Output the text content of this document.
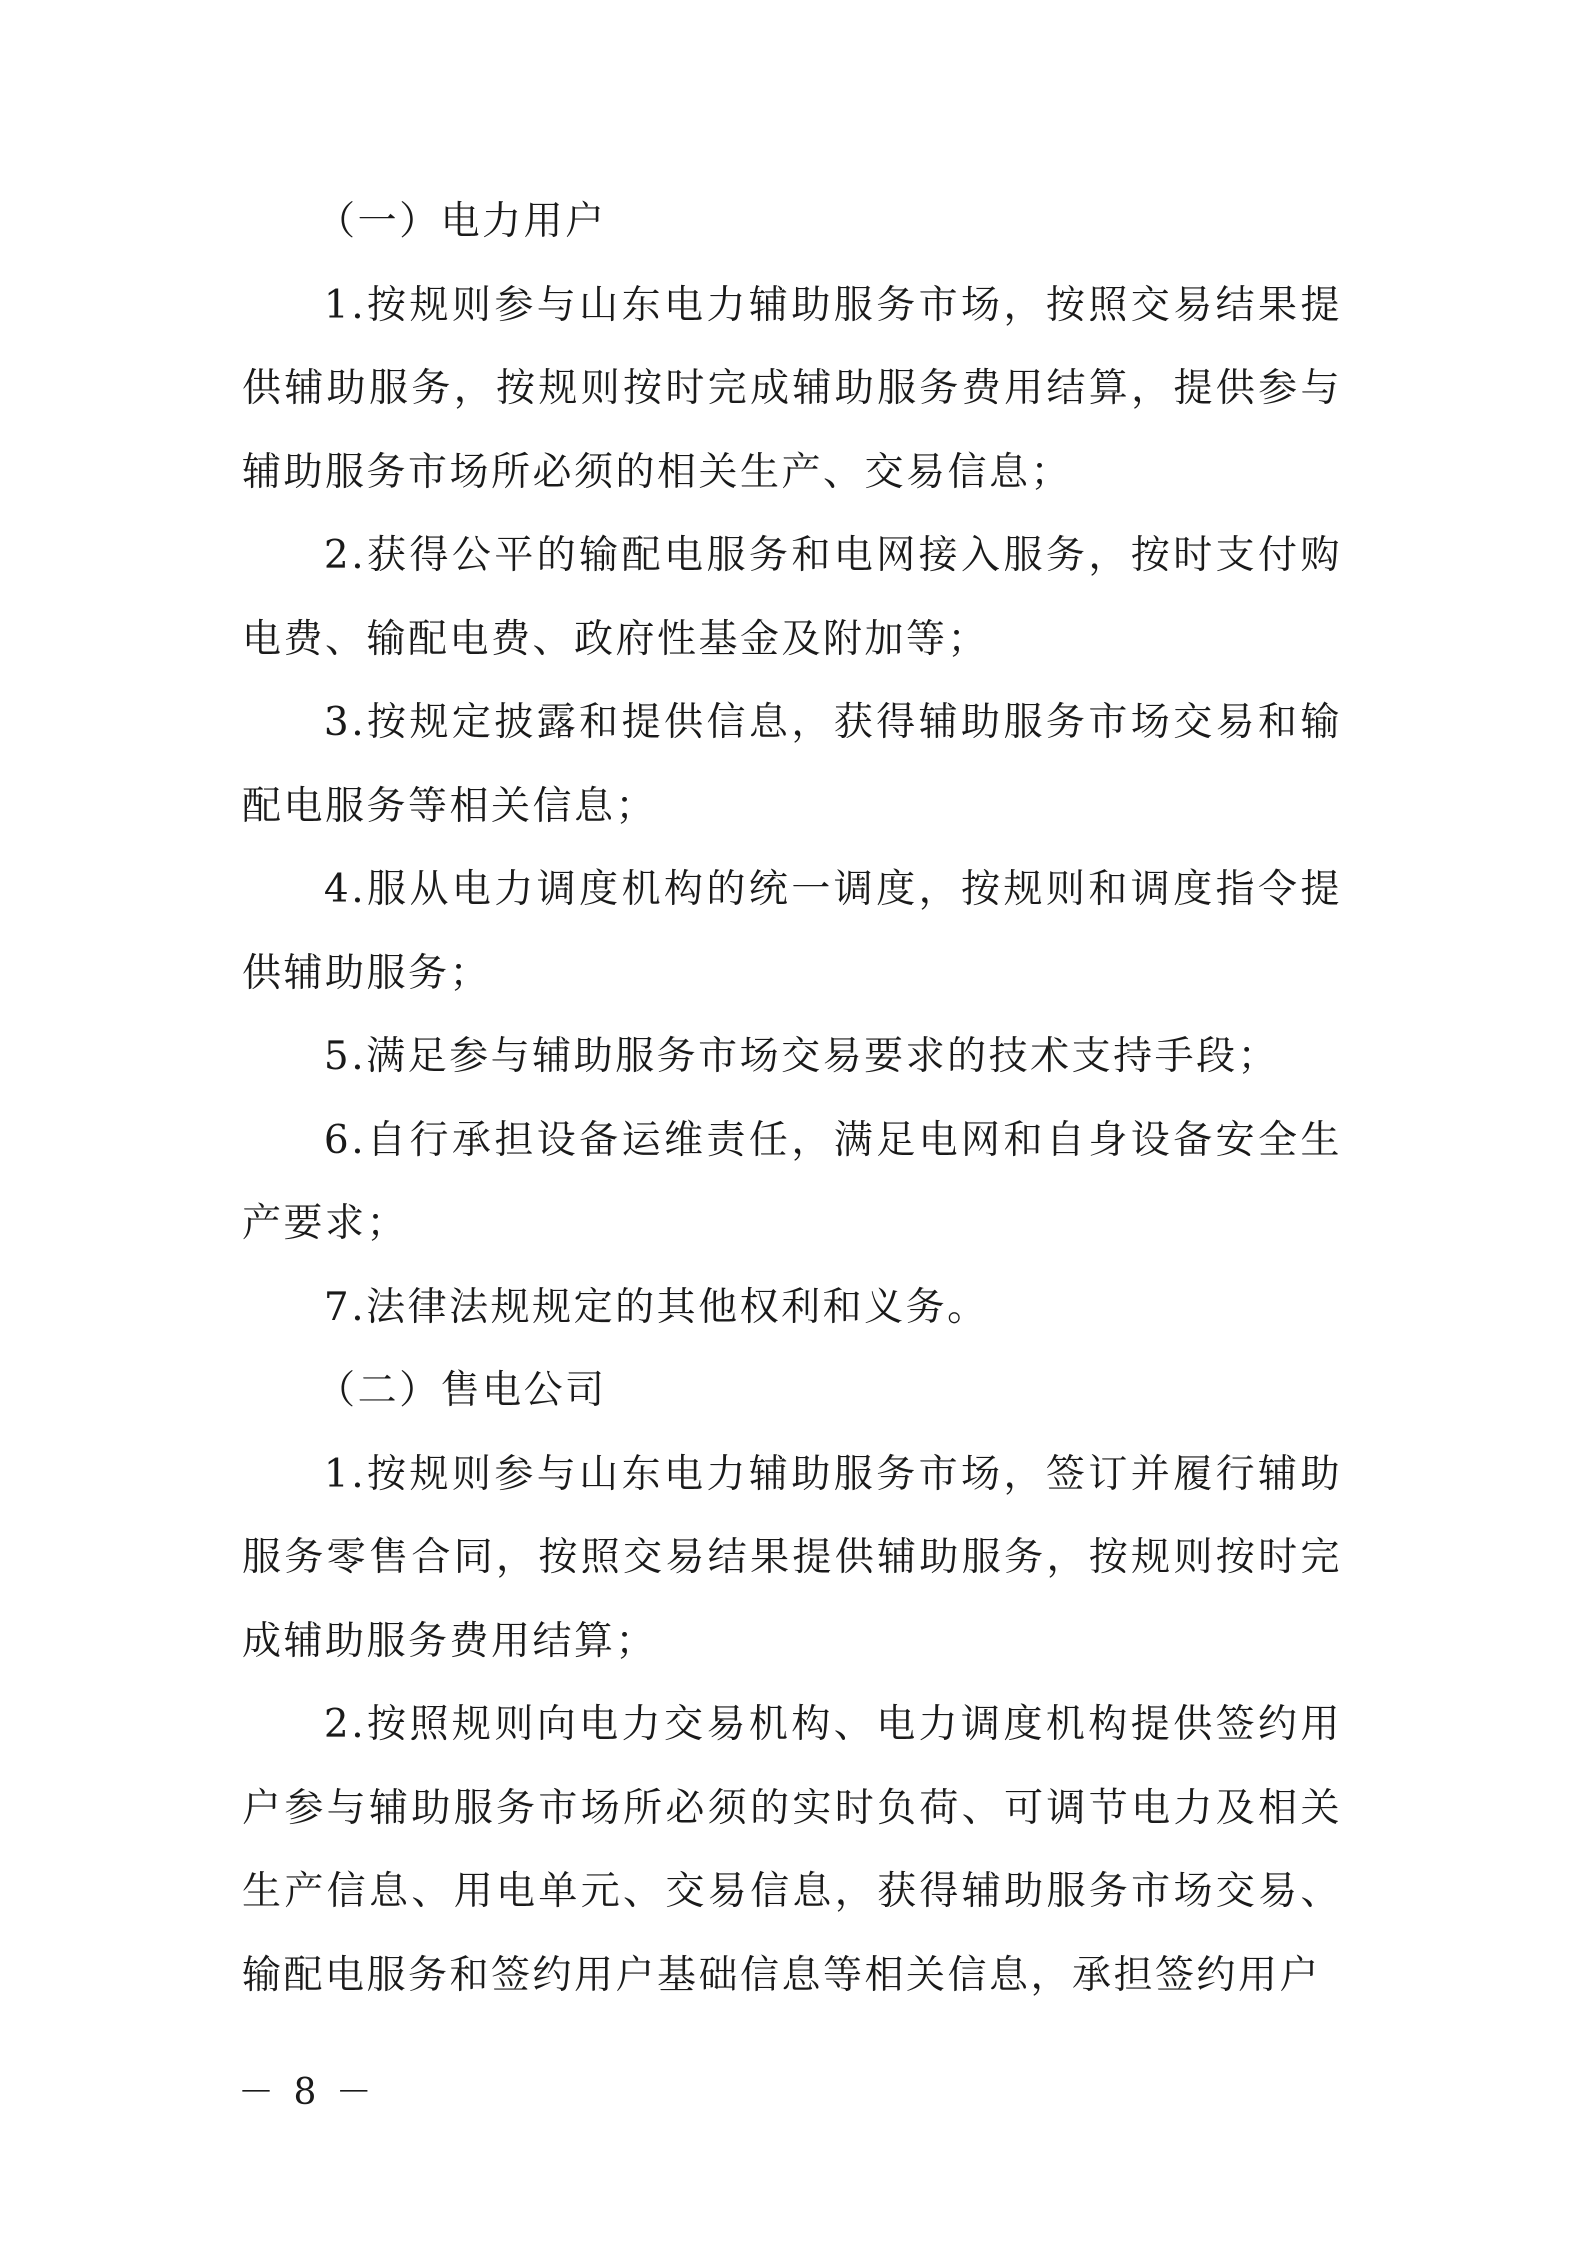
（一）电力用户

1.按规则参与山东电力辅助服务市场，按照交易结果提供辅助服务，按规则按时完成辅助服务费用结算，提供参与辅助服务市场所必须的相关生产、交易信息；

2.获得公平的输配电服务和电网接入服务，按时支付购电费、输配电费、政府性基金及附加等；

3.按规定披露和提供信息，获得辅助服务市场交易和输配电服务等相关信息；

4.服从电力调度机构的统一调度，按规则和调度指令提供辅助服务；

5.满足参与辅助服务市场交易要求的技术支持手段；

6.自行承担设备运维责任，满足电网和自身设备安全生产要求；

7.法律法规规定的其他权利和义务。

（二）售电公司

1.按规则参与山东电力辅助服务市场，签订并履行辅助服务零售合同，按照交易结果提供辅助服务，按规则按时完成辅助服务费用结算；

2.按照规则向电力交易机构、电力调度机构提供签约用户参与辅助服务市场所必须的实时负荷、可调节电力及相关生产信息、用电单元、交易信息，获得辅助服务市场交易、输配电服务和签约用户基础信息等相关信息，承担签约用户

－ 8 －
